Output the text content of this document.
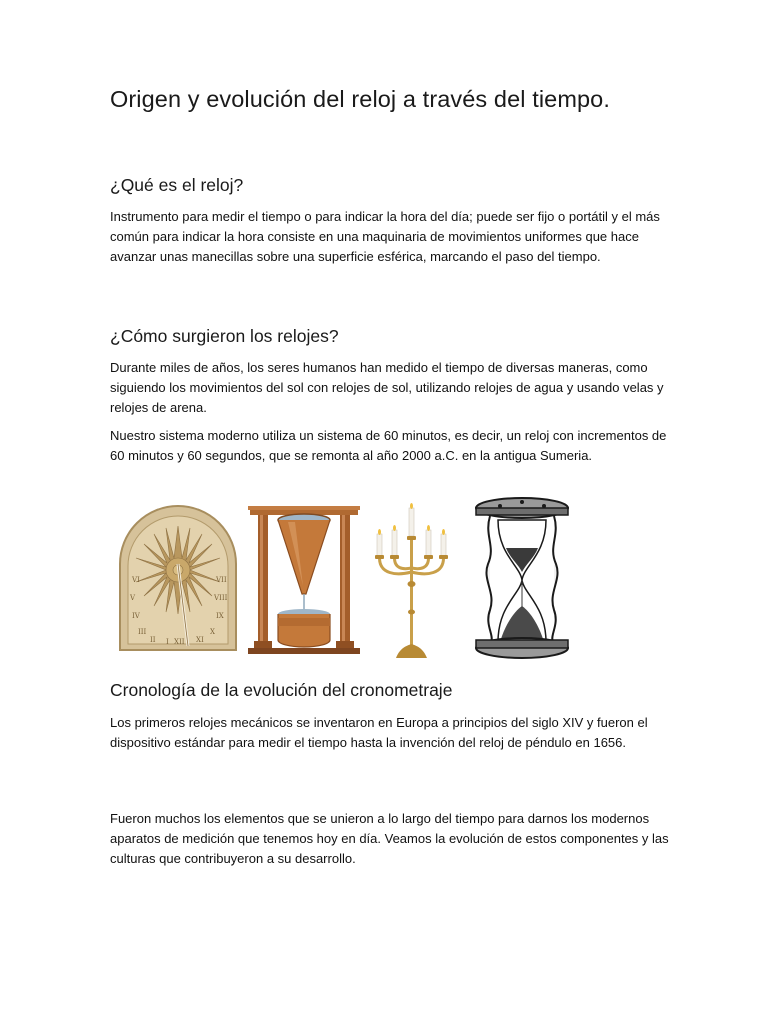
Origen y evolución del reloj a través del tiempo.
¿Qué es el reloj?

Instrumento para medir el tiempo o para indicar la hora del día; puede ser fijo o portátil y el más común para indicar la hora consiste en una maquinaria de movimientos uniformes que hace avanzar unas manecillas sobre una superficie esférica, marcando el paso del tiempo.

¿Cómo surgieron los relojes?

Durante miles de años, los seres humanos han medido el tiempo de diversas maneras, como siguiendo los movimientos del sol con relojes de sol, utilizando relojes de agua y usando velas y relojes de arena.

Nuestro sistema moderno utiliza un sistema de 60 minutos, es decir, un reloj con incrementos de 60 minutos y 60 segundos, que se remonta al año 2000 a.C. en la antigua Sumeria.

VI
V
IV
III
II I XII XI
X
IX
VIII
VII
Cronología de la evolución del cronometraje

Los primeros relojes mecánicos se inventaron en Europa a principios del siglo XIV y fueron el dispositivo estándar para medir el tiempo hasta la invención del reloj de péndulo en 1656.

Fueron muchos los elementos que se unieron a lo largo del tiempo para darnos los modernos aparatos de medición que tenemos hoy en día. Veamos la evolución de estos componentes y las culturas que contribuyeron a su desarrollo.
